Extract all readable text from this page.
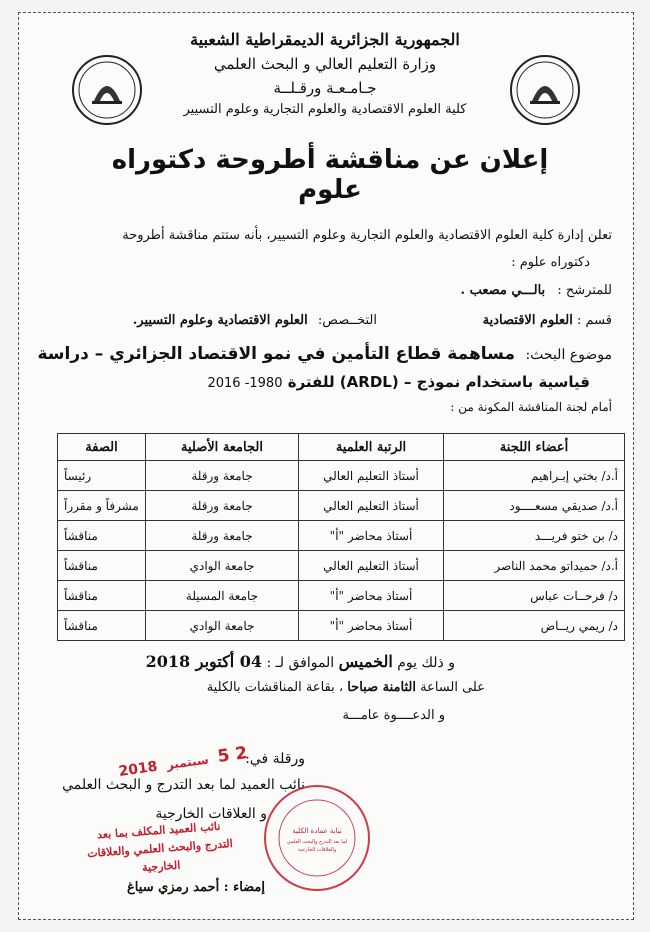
الجمهورية الجزائرية الديمقراطية الشعبية
وزارة التعليم العالي و البحث العلمي
جـامـعـة ورقـلــة
كلية العلوم الاقتصادية والعلوم التجارية وعلوم التسيير
إعلان عن مناقشة أطروحة دكتوراه علوم
تعلن إدارة كلية العلوم الاقتصادية والعلوم التجارية وعلوم التسيير، بأنه ستتم مناقشة أطروحة
دكتوراه علوم :
للمترشح : بالـــي مصعب .
قسم : العلوم الاقتصادية
التخــصص: العلوم الاقتصادية وعلوم التسيير.
موضوع البحث: مساهمة قطاع التأمين في نمو الاقتصاد الجزائري – دراسة
قياسية باستخدام نموذج – (ARDL) للفترة 1980- 2016
أمام لجنة المناقشة المكونة من :
أعضاء اللجنة	الرتبة العلمية	الجامعة الأصلية	الصفة
أ.د/ بختي إبـراهيم	أستاذ التعليم العالي	جامعة ورقلة	رئيساً
أ.د/ صديقي مسعــــود	أستاذ التعليم العالي	جامعة ورقلة	مشرفاً و مقرراً
د/ بن ختو فريـــد	أستاذ محاضر "أ"	جامعة ورقلة	مناقشاً
أ.د/ حميداتو محمد الناصر	أستاذ التعليم العالي	جامعة الوادي	مناقشاً
د/ فرحــات عباس	أستاذ محاضر "أ"	جامعة المسيلة	مناقشاً
د/ ريمي ريــاض	أستاذ محاضر "أ"	جامعة الوادي	مناقشاً
و ذلك يوم الخميس الموافق لـ : 04 أكتوبر 2018
على الساعة الثامنة صباحا ، بقاعة المناقشات بالكلية
و الدعــــوة عامـــة
ورقلة في:
نائب العميد لما بعد التدرج و البحث العلمي
و العلاقات الخارجية
إمضاء : أحمد رمزي سياغ
2 5 سبتمبر 2018
نيابة عمادة الكلية
لما بعد التدرج والبحث العلمي
والعلاقات الخارجية
نائب العميد المكلف بما بعد التدرج والبحث العلمي والعلاقات الخارجية
